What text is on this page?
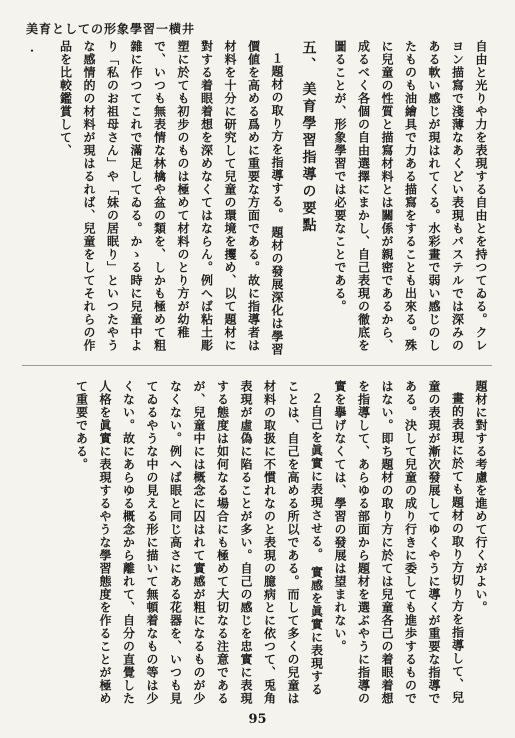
美育としての形象學習一横井
・	自由と光りや力を表現する自由とを持つてゐる。クレヨン描寫で淺薄なあくどい表現もパステルでは深みのある軟い感じが現はれてくる。水彩畫で弱い感じのしたものも油繪具で力ある描寫をすることも出來る。殊に兒童の性質と描寫材料とは關係が親密であるから、成るべく各個の自由選擇にまかし、自己表現の徹底を圖ることが、形象學習では必要なことである。

五、 美育學習指導の要點

１題材の取り方を指導する。 題材の發展深化は學習價値を高める爲めに重要な方面である。故に指導者は材料を十分に研究して兒童の環境を攫め、以て題材に對する着眼着想を深めなくてはならん。例へば粘土彫塑に於ても初步のものは極めて材料のとり方が幼稚で、いつも無表情な林檎や盆の類を、しかも極めて粗雜に作つてこれで滿足してゐる。かゝる時に兒童中より「私のお祖母さん」や「妹の居眠り」といつたやうな感情的の材料が現はるれば、兒童をしてそれらの作品を比較鑑賞して、

題材に對する考慮を進めて行くがよい。

畫的表現に於ても題材の取り方切り方を指導して、兒童の表現が漸次發展してゆくやうに導くが重要な指導である。決して兒童の成り行きに委しても進歩するものではない。即ち題材の取り方に於ては兒童各己の着眼着想を指導して、あらゆる部面から題材を選ぶやうに指導の實を擧げなくては、學習の發展は望まれない。

２自己を眞實に表現させる。 實感を眞實に表現することは、自己を高める所以である。而して多くの兒童は材料の取扱に不慣れなのと表現の臆病とに依つて、兎角表現が虛偽に陷ることが多い。自己の感じを忠實に表現する態度は如何なる場合にも極めて大切なる注意であるが、兒童中には概念に囚はれて實感が粗になるものが少なくない。例へば眼と同じ高さにある花器を、いつも見てゐるやうな中の見える形に描いて無頓着なもの等は少くない。故にあらゆる概念から離れて、自分の直覺した人格を眞實に表現するやうな學習態度を作ることが極めて重要である。

95
